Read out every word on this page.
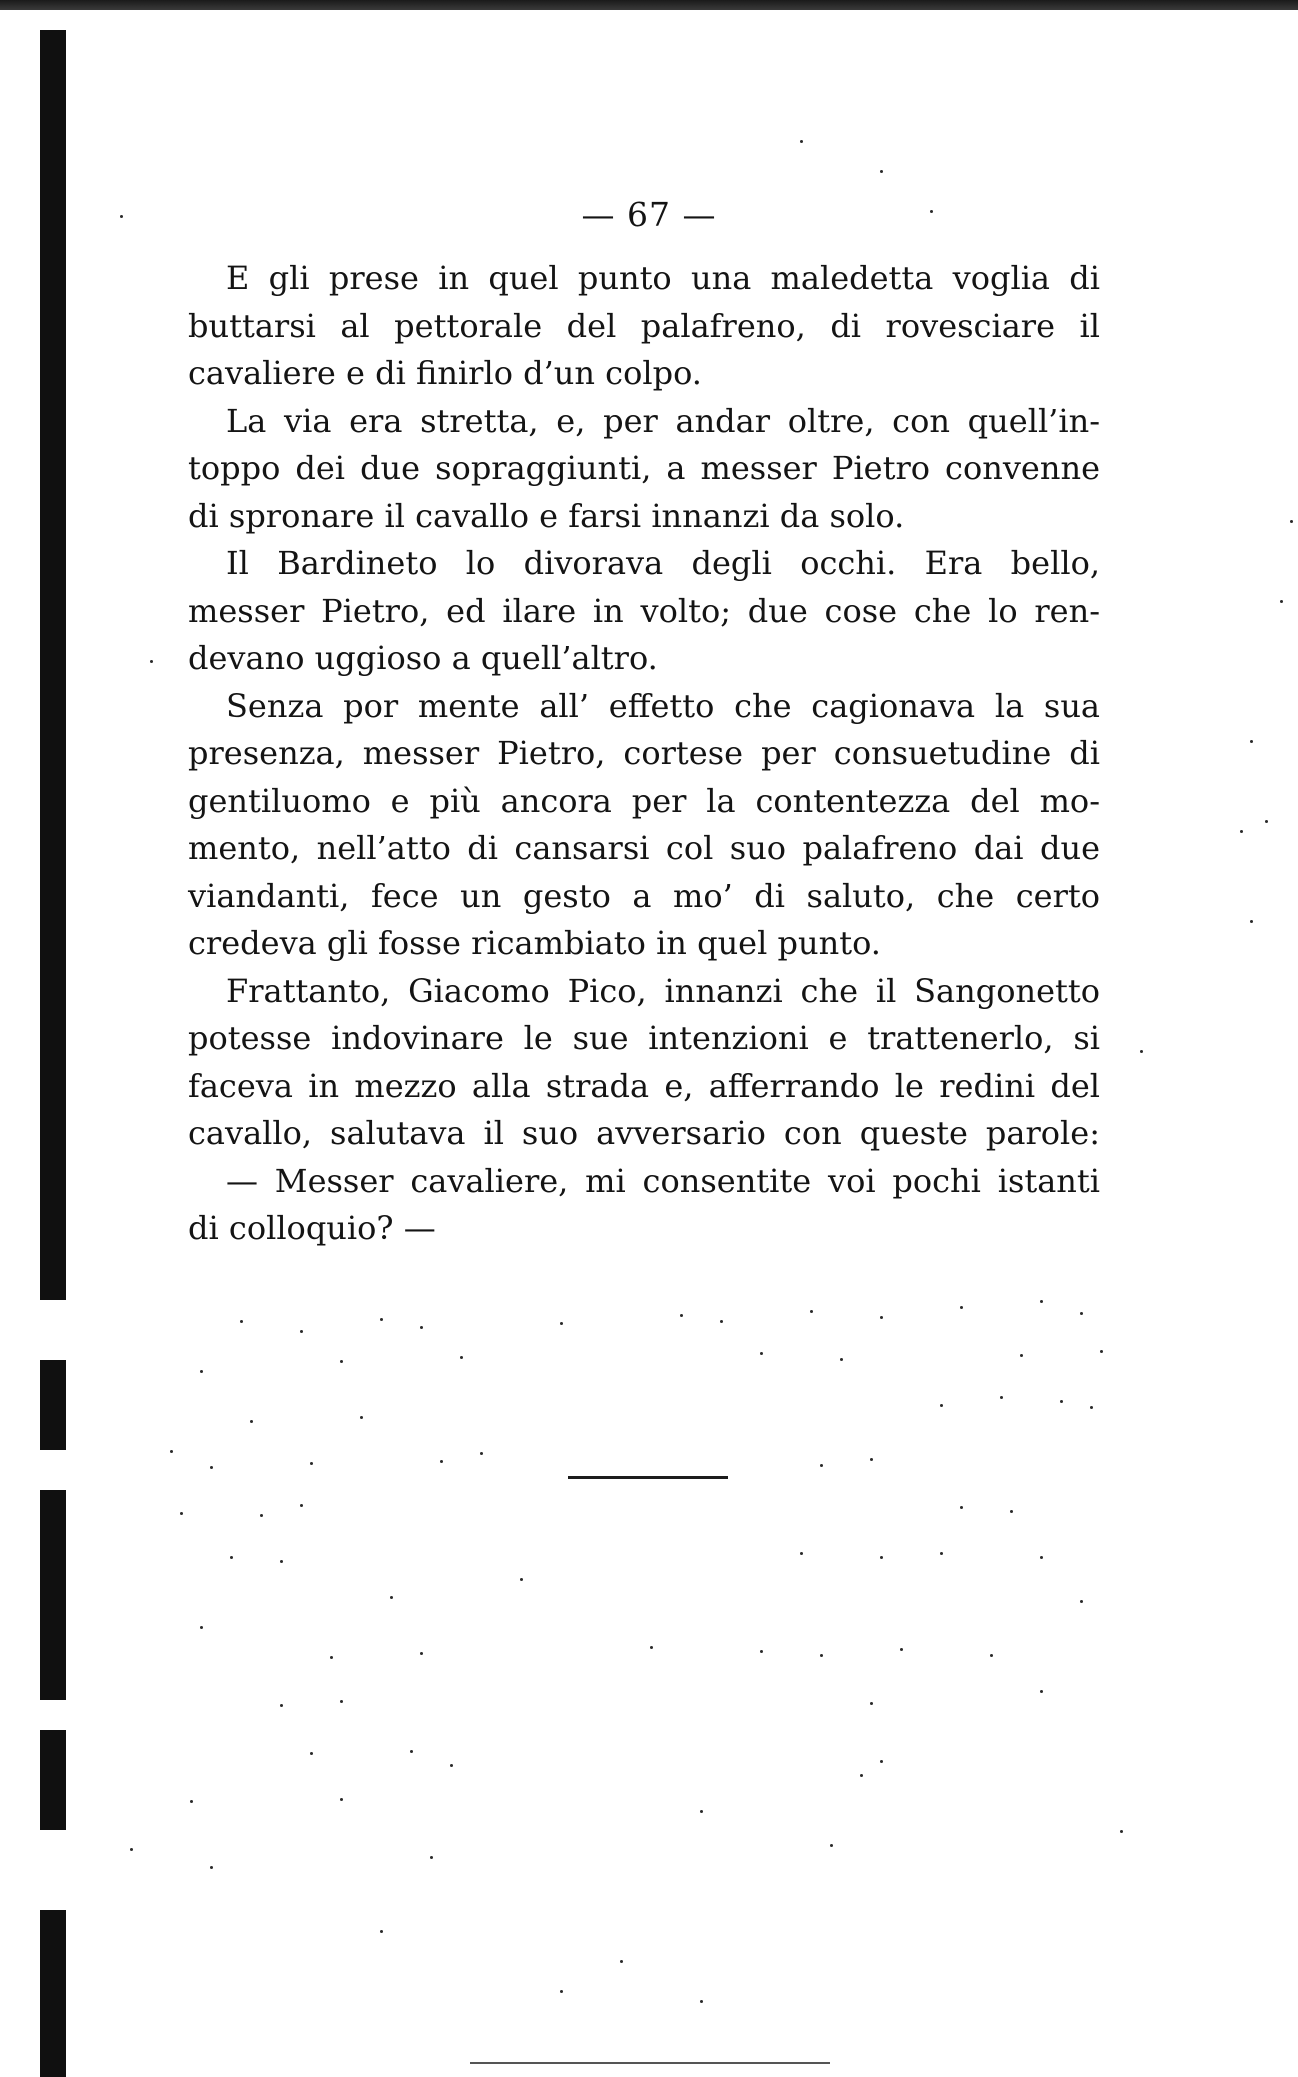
— 67 —
E gli prese in quel punto una maledetta voglia di
buttarsi al pettorale del palafreno, di rovesciare il
cavaliere e di finirlo d’un colpo.
La via era stretta, e, per andar oltre, con quell’in-
toppo dei due sopraggiunti, a messer Pietro convenne
di spronare il cavallo e farsi innanzi da solo.
Il Bardineto lo divorava degli occhi. Era bello,
messer Pietro, ed ilare in volto; due cose che lo ren-
devano uggioso a quell’altro.
Senza por mente all’ effetto che cagionava la sua
presenza, messer Pietro, cortese per consuetudine di
gentiluomo e più ancora per la contentezza del mo-
mento, nell’atto di cansarsi col suo palafreno dai due
viandanti, fece un gesto a mo’ di saluto, che certo
credeva gli fosse ricambiato in quel punto.
Frattanto, Giacomo Pico, innanzi che il Sangonetto
potesse indovinare le sue intenzioni e trattenerlo, si
faceva in mezzo alla strada e, afferrando le redini del
cavallo, salutava il suo avversario con queste parole:
— Messer cavaliere, mi consentite voi pochi istanti
di colloquio? —
